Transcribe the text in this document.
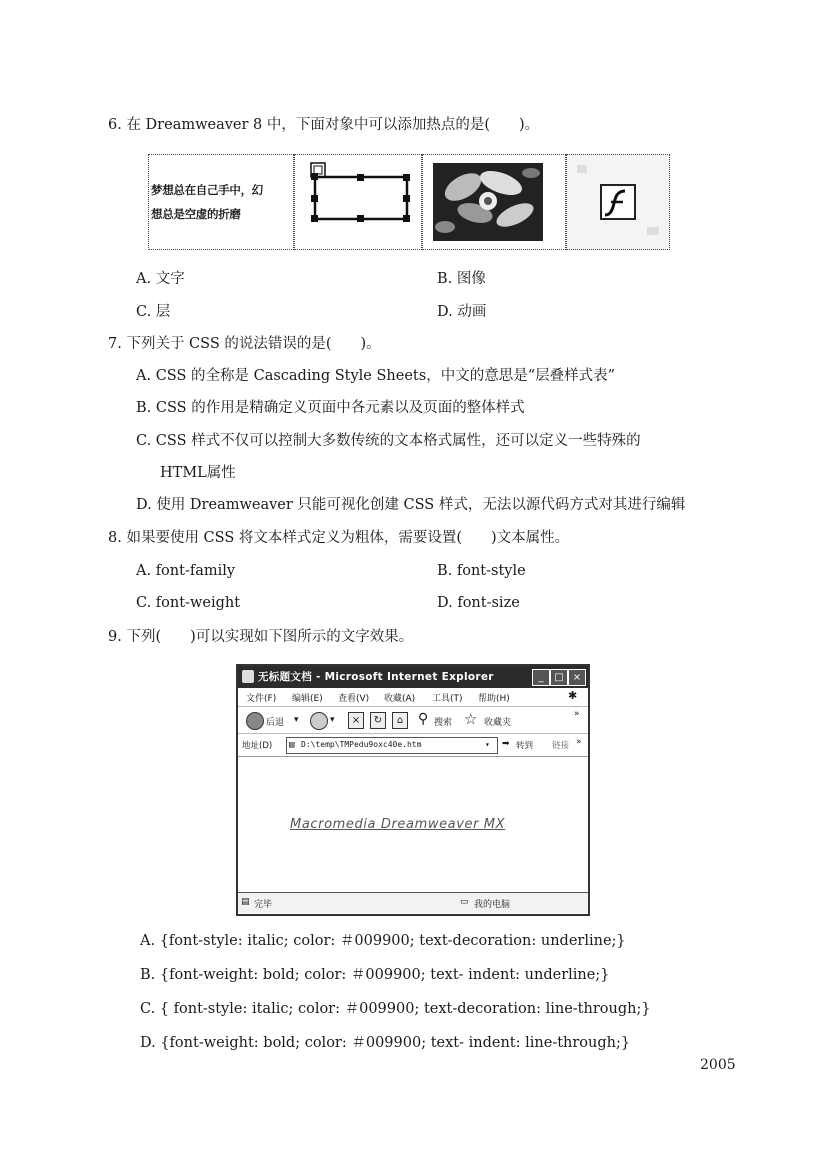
6. 在 Dreamweaver 8 中，下面对象中可以添加热点的是(　　)。
梦想总在自己手中，幻
想总是空虚的折磨
A. 文字	B. 图像
C. 层	D. 动画
7. 下列关于 CSS 的说法错误的是(　　)。
A. CSS 的全称是 Cascading Style Sheets，中文的意思是“层叠样式表”
B. CSS 的作用是精确定义页面中各元素以及页面的整体样式
C. CSS 样式不仅可以控制大多数传统的文本格式属性，还可以定义一些特殊的
HTML属性
D. 使用 Dreamweaver 只能可视化创建 CSS 样式，无法以源代码方式对其进行编辑
8. 如果要使用 CSS 将文本样式定义为粗体，需要设置(　　)文本属性。
A. font-family	B. font-style
C. font-weight	D. font-size
9. 下列(　　)可以实现如下图所示的文字效果。
无标题文档 - Microsoft Internet Explorer	_	□ ×
文件(F) 编辑(E) 查看(V) 收藏(A) 工具(T) 帮助(H)	✱
后退 ▾	▾	×	↻	⌂	⚲ 搜索 ☆ 收藏夹
»
地址(D) ▤ D:\temp\TMPedu9oxc40e.htm	▾ ➡ 转到 链接 »
Macromedia Dreamweaver MX
▤ 完毕	▭ 我的电脑
A. {font-style: italic; color: ＃009900; text-decoration: underline;}
B. {font-weight: bold; color: ＃009900; text- indent: underline;}
C. { font-style: italic; color: ＃009900; text-decoration: line-through;}
D. {font-weight: bold; color: ＃009900; text- indent: line-through;}
2005
